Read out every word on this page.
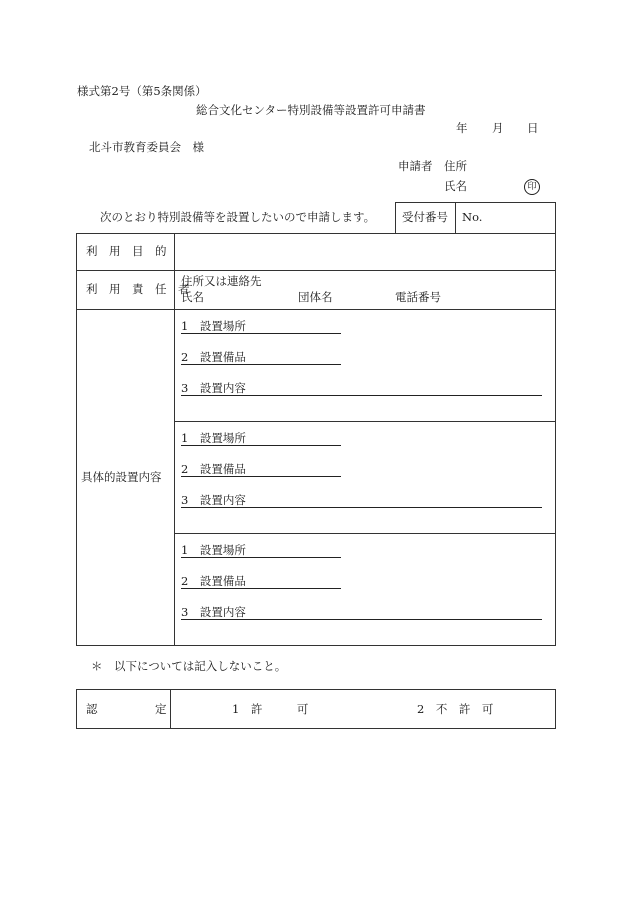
様式第2号（第5条関係）
総合文化センター特別設備等設置許可申請書
年 月 日
北斗市教育委員会　様
申請者 住所
氏名	印
次のとおり特別設備等を設置したいので申請します。 受付番号 No.
利　用　目　的
利　用　責　任　者
住所又は連絡先
氏名	団体名	電話番号
具体的設置内容
1　設置場所
2　設置備品
3　設置内容
1　設置場所
2　設置備品
3　設置内容
1　設置場所
2　設置備品
3　設置内容
＊　以下については記入しないこと。
認　　　　　定	1　許　　　可	2　不　許　可
